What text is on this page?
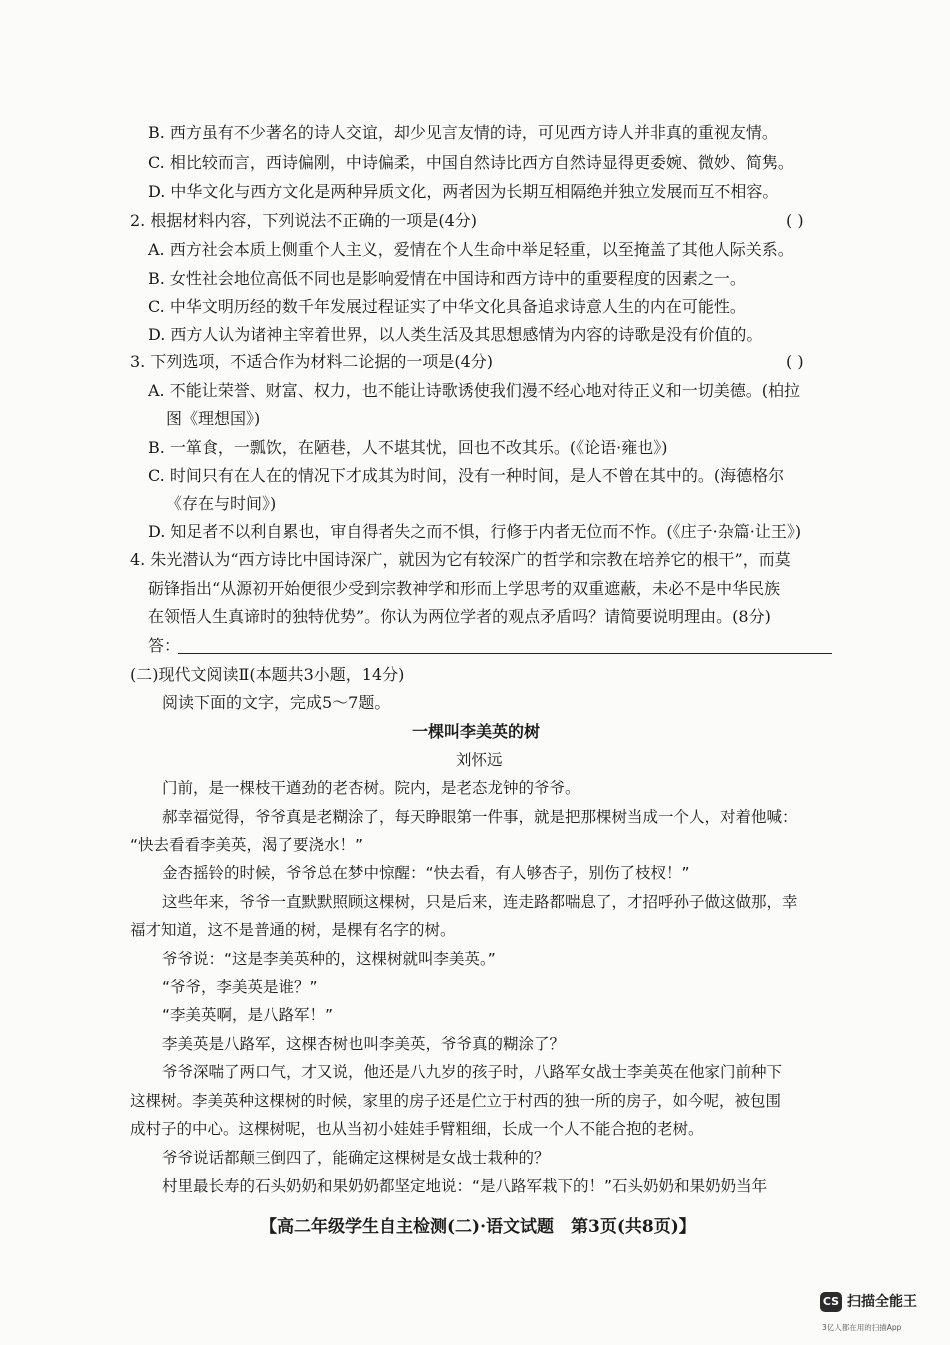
B. 西方虽有不少著名的诗人交谊，却少见言友情的诗，可见西方诗人并非真的重视友情。
C. 相比较而言，西诗偏刚，中诗偏柔，中国自然诗比西方自然诗显得更委婉、微妙、简隽。
D. 中华文化与西方文化是两种异质文化，两者因为长期互相隔绝并独立发展而互不相容。
2. 根据材料内容，下列说法不正确的一项是(4分)	( )
A. 西方社会本质上侧重个人主义，爱情在个人生命中举足轻重，以至掩盖了其他人际关系。
B. 女性社会地位高低不同也是影响爱情在中国诗和西方诗中的重要程度的因素之一。
C. 中华文明历经的数千年发展过程证实了中华文化具备追求诗意人生的内在可能性。
D. 西方人认为诸神主宰着世界，以人类生活及其思想感情为内容的诗歌是没有价值的。
3. 下列选项，不适合作为材料二论据的一项是(4分)	( )
A. 不能让荣誉、财富、权力，也不能让诗歌诱使我们漫不经心地对待正义和一切美德。(柏拉
图《理想国》)
B. 一箪食，一瓢饮，在陋巷，人不堪其忧，回也不改其乐。(《论语·雍也》)
C. 时间只有在人在的情况下才成其为时间，没有一种时间，是人不曾在其中的。(海德格尔
《存在与时间》)
D. 知足者不以利自累也，审自得者失之而不惧，行修于内者无位而不怍。(《庄子·杂篇·让王》)
4. 朱光潜认为“西方诗比中国诗深广，就因为它有较深广的哲学和宗教在培养它的根干”，而莫
砺锋指出“从源初开始便很少受到宗教神学和形而上学思考的双重遮蔽，未必不是中华民族
在领悟人生真谛时的独特优势”。你认为两位学者的观点矛盾吗？请简要说明理由。(8分)
答：
(二)现代文阅读Ⅱ(本题共3小题，14分)
阅读下面的文字，完成5～7题。
一棵叫李美英的树
刘怀远
门前，是一棵枝干遒劲的老杏树。院内，是老态龙钟的爷爷。
郝幸福觉得，爷爷真是老糊涂了，每天睁眼第一件事，就是把那棵树当成一个人，对着他喊：
“快去看看李美英，渴了要浇水！”
金杏摇铃的时候，爷爷总在梦中惊醒：“快去看，有人够杏子，别伤了枝杈！”
这些年来，爷爷一直默默照顾这棵树，只是后来，连走路都喘息了，才招呼孙子做这做那，幸
福才知道，这不是普通的树，是棵有名字的树。
爷爷说：“这是李美英种的，这棵树就叫李美英。”
“爷爷，李美英是谁？”
“李美英啊，是八路军！”
李美英是八路军，这棵杏树也叫李美英，爷爷真的糊涂了？
爷爷深喘了两口气，才又说，他还是八九岁的孩子时，八路军女战士李美英在他家门前种下
这棵树。李美英种这棵树的时候，家里的房子还是伫立于村西的独一所的房子，如今呢，被包围
成村子的中心。这棵树呢，也从当初小娃娃手臂粗细，长成一个人不能合抱的老树。
爷爷说话都颠三倒四了，能确定这棵树是女战士栽种的？
村里最长寿的石头奶奶和果奶奶都坚定地说：“是八路军栽下的！”石头奶奶和果奶奶当年
【高二年级学生自主检测(二)·语文试题　第3页(共8页)】
CS 扫描全能王
3亿人都在用的扫描App
